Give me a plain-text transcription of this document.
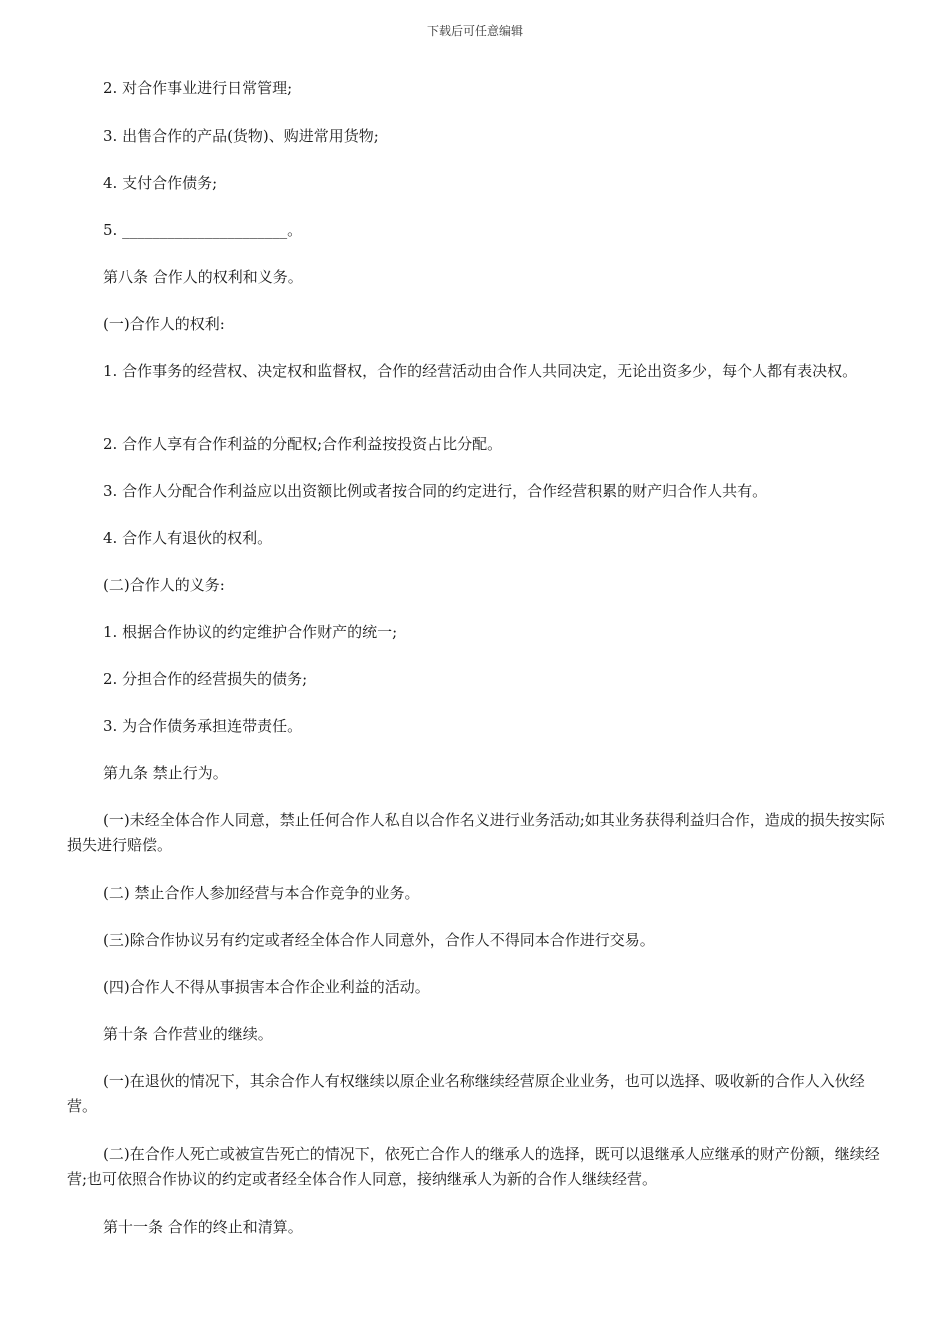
下载后可任意编辑

2. 对合作事业进行日常管理;

3. 出售合作的产品(货物)、购进常用货物;

4. 支付合作债务;

5. ______________________。

第八条 合作人的权利和义务。

(一)合作人的权利:

1. 合作事务的经营权、决定权和监督权，合作的经营活动由合作人共同决定，无论出资多少，每个人都有表决权。

2. 合作人享有合作利益的分配权;合作利益按投资占比分配。

3. 合作人分配合作利益应以出资额比例或者按合同的约定进行，合作经营积累的财产归合作人共有。

4. 合作人有退伙的权利。

(二)合作人的义务:

1. 根据合作协议的约定维护合作财产的统一;

2. 分担合作的经营损失的债务;

3. 为合作债务承担连带责任。

第九条 禁止行为。

(一)未经全体合作人同意，禁止任何合作人私自以合作名义进行业务活动;如其业务获得利益归合作，造成的损失按实际损失进行赔偿。

(二) 禁止合作人参加经营与本合作竞争的业务。

(三)除合作协议另有约定或者经全体合作人同意外，合作人不得同本合作进行交易。

(四)合作人不得从事损害本合作企业利益的活动。

第十条 合作营业的继续。

(一)在退伙的情况下，其余合作人有权继续以原企业名称继续经营原企业业务，也可以选择、吸收新的合作人入伙经营。

(二)在合作人死亡或被宣告死亡的情况下，依死亡合作人的继承人的选择，既可以退继承人应继承的财产份额，继续经营;也可依照合作协议的约定或者经全体合作人同意，接纳继承人为新的合作人继续经营。

第十一条 合作的终止和清算。
